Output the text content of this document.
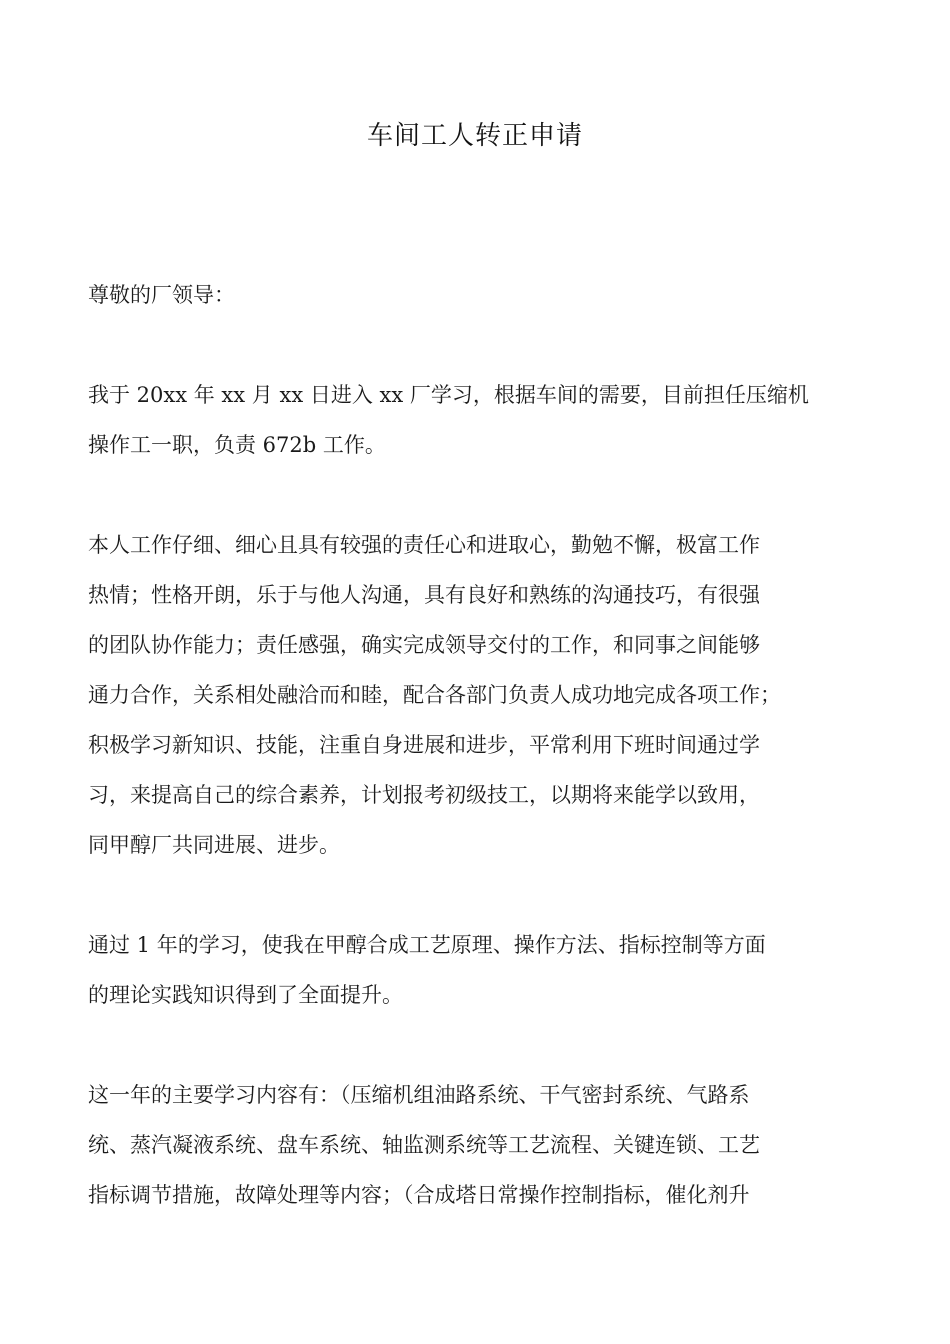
车间工人转正申请
尊敬的厂领导：
我于 20xx 年 xx 月 xx 日进入 xx 厂学习，根据车间的需要，目前担任压缩机
操作工一职，负责 672b 工作。
本人工作仔细、细心且具有较强的责任心和进取心，勤勉不懈，极富工作
热情；性格开朗，乐于与他人沟通，具有良好和熟练的沟通技巧，有很强
的团队协作能力；责任感强，确实完成领导交付的工作，和同事之间能够
通力合作，关系相处融洽而和睦，配合各部门负责人成功地完成各项工作；
积极学习新知识、技能，注重自身进展和进步，平常利用下班时间通过学
习，来提高自己的综合素养，计划报考初级技工，以期将来能学以致用，
同甲醇厂共同进展、进步。
通过 1 年的学习，使我在甲醇合成工艺原理、操作方法、指标控制等方面
的理论实践知识得到了全面提升。
这一年的主要学习内容有：（压缩机组油路系统、干气密封系统、气路系
统、蒸汽凝液系统、盘车系统、轴监测系统等工艺流程、关键连锁、工艺
指标调节措施，故障处理等内容；（合成塔日常操作控制指标，催化剂升
